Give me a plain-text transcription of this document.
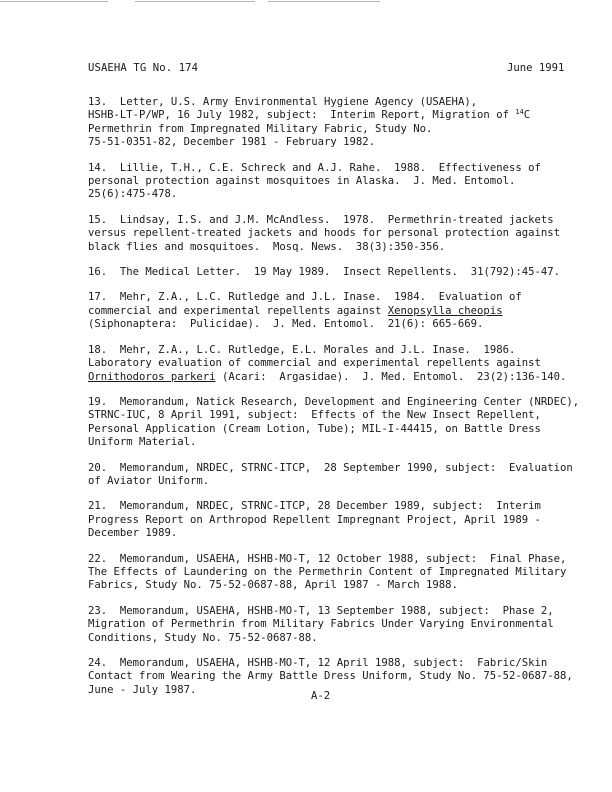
USAEHA TG No. 174	June 1991
13. Letter, U.S. Army Environmental Hygiene Agency (USAEHA),
HSHB-LT-P/WP, 16 July 1982, subject:  Interim Report, Migration of $^{14}$C
Permethrin from Impregnated Military Fabric, Study No.
75-51-0351-82, December 1981 - February 1982.
14. Lillie, T.H., C.E. Schreck and A.J. Rahe.  1988.  Effectiveness of
personal protection against mosquitoes in Alaska.  J. Med. Entomol.
25(6):475-478.
15. Lindsay, I.S. and J.M. McAndless.  1978.  Permethrin-treated jackets
versus repellent-treated jackets and hoods for personal protection against
black flies and mosquitoes.  Mosq. News.  38(3):350-356.
16. The Medical Letter.  19 May 1989.  Insect Repellents.  31(792):45-47.
17. Mehr, Z.A., L.C. Rutledge and J.L. Inase.  1984.  Evaluation of
commercial and experimental repellents against Xenopsylla cheopis
(Siphonaptera:  Pulicidae).  J. Med. Entomol.  21(6): 665-669.
18. Mehr, Z.A., L.C. Rutledge, E.L. Morales and J.L. Inase.  1986.
Laboratory evaluation of commercial and experimental repellents against
Ornithodoros parkeri (Acari:  Argasidae).  J. Med. Entomol.  23(2):136-140.
19. Memorandum, Natick Research, Development and Engineering Center (NRDEC),
STRNC-IUC, 8 April 1991, subject:  Effects of the New Insect Repellent,
Personal Application (Cream Lotion, Tube); MIL-I-44415, on Battle Dress
Uniform Material.
20. Memorandum, NRDEC, STRNC-ITCP,  28 September 1990, subject:  Evaluation
of Aviator Uniform.
21. Memorandum, NRDEC, STRNC-ITCP, 28 December 1989, subject:  Interim
Progress Report on Arthropod Repellent Impregnant Project, April 1989 -
December 1989.
22. Memorandum, USAEHA, HSHB-MO-T, 12 October 1988, subject:  Final Phase,
The Effects of Laundering on the Permethrin Content of Impregnated Military
Fabrics, Study No. 75-52-0687-88, April 1987 - March 1988.
23. Memorandum, USAEHA, HSHB-MO-T, 13 September 1988, subject:  Phase 2,
Migration of Permethrin from Military Fabrics Under Varying Environmental
Conditions, Study No. 75-52-0687-88.
24. Memorandum, USAEHA, HSHB-MO-T, 12 April 1988, subject:  Fabric/Skin
Contact from Wearing the Army Battle Dress Uniform, Study No. 75-52-0687-88,
June - July 1987.
A-2
